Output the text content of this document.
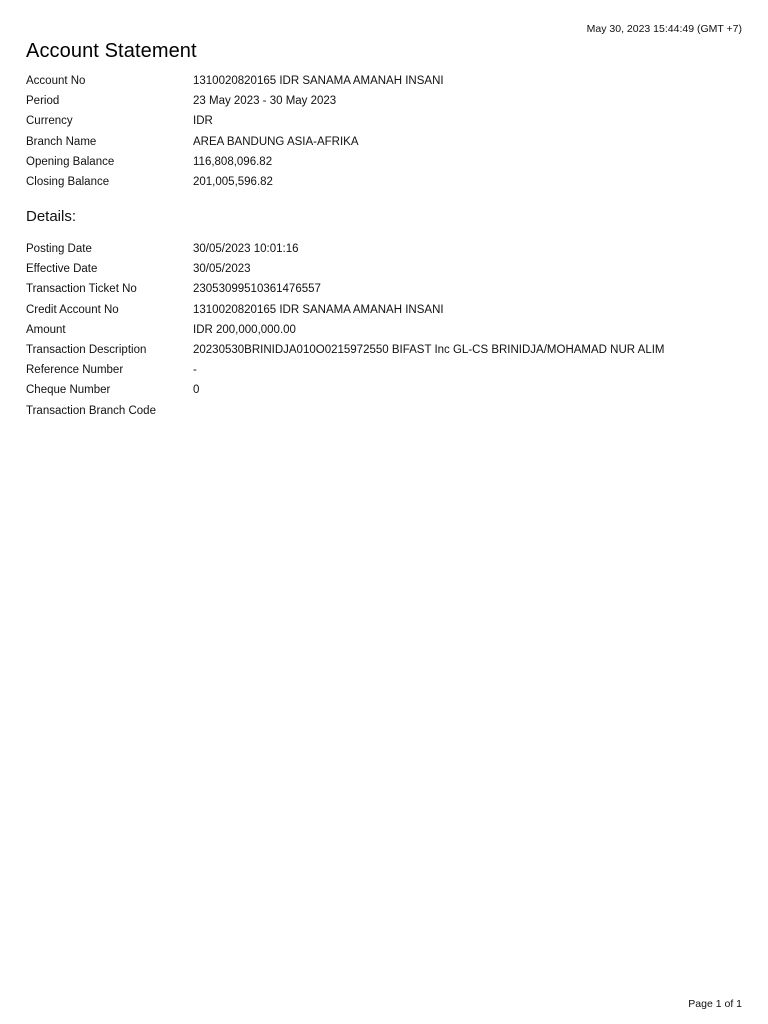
May 30, 2023 15:44:49 (GMT +7)
Account Statement
Account No	1310020820165 IDR SANAMA AMANAH INSANI
Period	23 May 2023 - 30 May 2023
Currency	IDR
Branch Name	AREA BANDUNG ASIA-AFRIKA
Opening Balance	116,808,096.82
Closing Balance	201,005,596.82
Details:
Posting Date	30/05/2023 10:01:16
Effective Date	30/05/2023
Transaction Ticket No	23053099510361476557
Credit Account No	1310020820165 IDR SANAMA AMANAH INSANI
Amount	IDR 200,000,000.00
Transaction Description	20230530BRINIDJA010O0215972550 BIFAST Inc GL-CS BRINIDJA/MOHAMAD NUR ALIM
Reference Number	-
Cheque Number	0
Transaction Branch Code
Page 1 of 1
